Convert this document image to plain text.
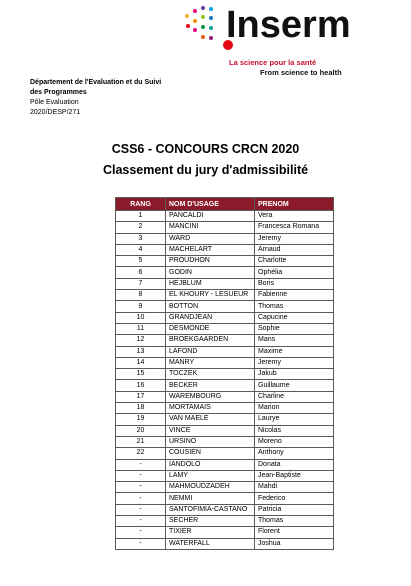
Inserm
La science pour la santé
From science to health
Département de l'Evaluation et du Suivi
des Programmes
Pôle Evaluation
2020/DESP/271
CSS6 - CONCOURS CRCN 2020
Classement du jury d'admissibilité
RANG	NOM D'USAGE	PRENOM
1	PANCALDI	Vera
2	MANCINI	Francesca Romana
3	WARD	Jeremy
4	MACHELART	Arnaud
5	PROUDHON	Charlotte
6	GODIN	Ophélia
7	HEJBLUM	Boris
8	EL KHOURY - LESUEUR	Fabienne
9	BOTTON	Thomas
10	GRANDJEAN	Capucine
11	DESMONDE	Sophie
12	BROEKGAARDEN	Mans
13	LAFOND	Maxime
14	MANRY	Jeremy
15	TOCZEK	Jakub
16	BECKER	Guillaume
17	WAREMBOURG	Charline
18	MORTAMAIS	Marion
19	VAN MAELE	Laurye
20	VINCE	Nicolas
21	URSINO	Moreno
22	COUSIEN	Anthony
-	IANDOLO	Donata
-	LAMY	Jean-Baptiste
-	MAHMOUDZADEH	Mahdi
-	NEMMI	Federico
-	SANTOFIMIA-CASTANO	Patricia
-	SECHER	Thomas
-	TIXIER	Florent
-	WATERFALL	Joshua
